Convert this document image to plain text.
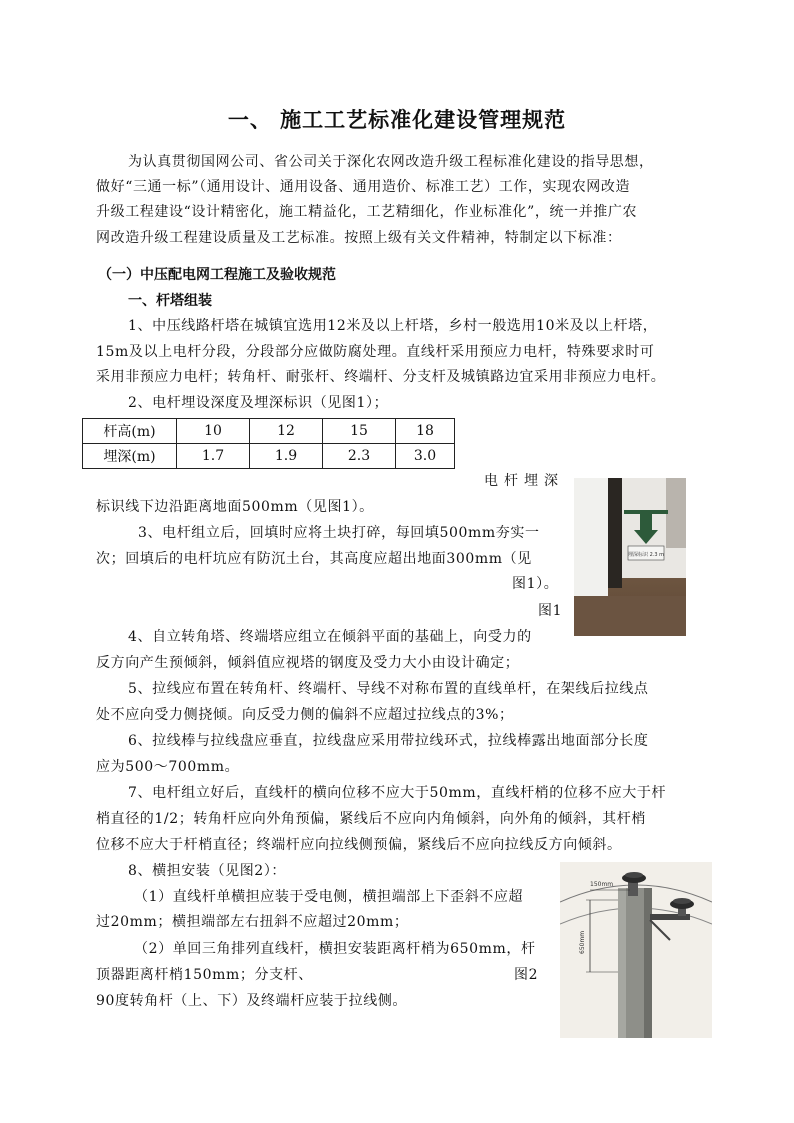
一、 施工工艺标准化建设管理规范
为认真贯彻国网公司、省公司关于深化农网改造升级工程标准化建设的指导思想，
做好“三通一标”（通用设计、通用设备、通用造价、标准工艺）工作，实现农网改造
升级工程建设“设计精密化，施工精益化，工艺精细化，作业标准化”，统一并推广农
网改造升级工程建设质量及工艺标准。按照上级有关文件精神，特制定以下标准：
（一）中压配电网工程施工及验收规范
一、杆塔组装
1、中压线路杆塔在城镇宜选用12米及以上杆塔，乡村一般选用10米及以上杆塔，
15m及以上电杆分段，分段部分应做防腐处理。直线杆采用预应力电杆，特殊要求时可
采用非预应力电杆；转角杆、耐张杆、终端杆、分支杆及城镇路边宜采用非预应力电杆。
2、电杆埋设深度及埋深标识（见图1）；
杆高(m)	10	12	15	18
埋深(m)	1.7	1.9	2.3	3.0
电杆埋深
标识线下边沿距离地面500mm（见图1）。
3、电杆组立后，回填时应将土块打碎，每回填500mm夯实一
次；回填后的电杆坑应有防沉土台，其高度应超出地面300mm（见
图1）。
图1
埋深标识 2.3 m
4、自立转角塔、终端塔应组立在倾斜平面的基础上，向受力的
反方向产生预倾斜，倾斜值应视塔的钢度及受力大小由设计确定；
5、拉线应布置在转角杆、终端杆、导线不对称布置的直线单杆，在架线后拉线点
处不应向受力侧挠倾。向反受力侧的偏斜不应超过拉线点的3%；
6、拉线棒与拉线盘应垂直，拉线盘应采用带拉线环式，拉线棒露出地面部分长度
应为500～700mm。
7、电杆组立好后，直线杆的横向位移不应大于50mm，直线杆梢的位移不应大于杆
梢直径的1/2；转角杆应向外角预偏，紧线后不应向内角倾斜，向外角的倾斜，其杆梢
位移不应大于杆梢直径；终端杆应向拉线侧预偏，紧线后不应向拉线反方向倾斜。
8、横担安装（见图2）：
（1）直线杆单横担应装于受电侧，横担端部上下歪斜不应超
过20mm；横担端部左右扭斜不应超过20mm；
（2）单回三角排列直线杆，横担安装距离杆梢为650mm，杆
顶器距离杆梢150mm；分支杆、	图2
90度转角杆（上、下）及终端杆应装于拉线侧。
150mm
650mm
